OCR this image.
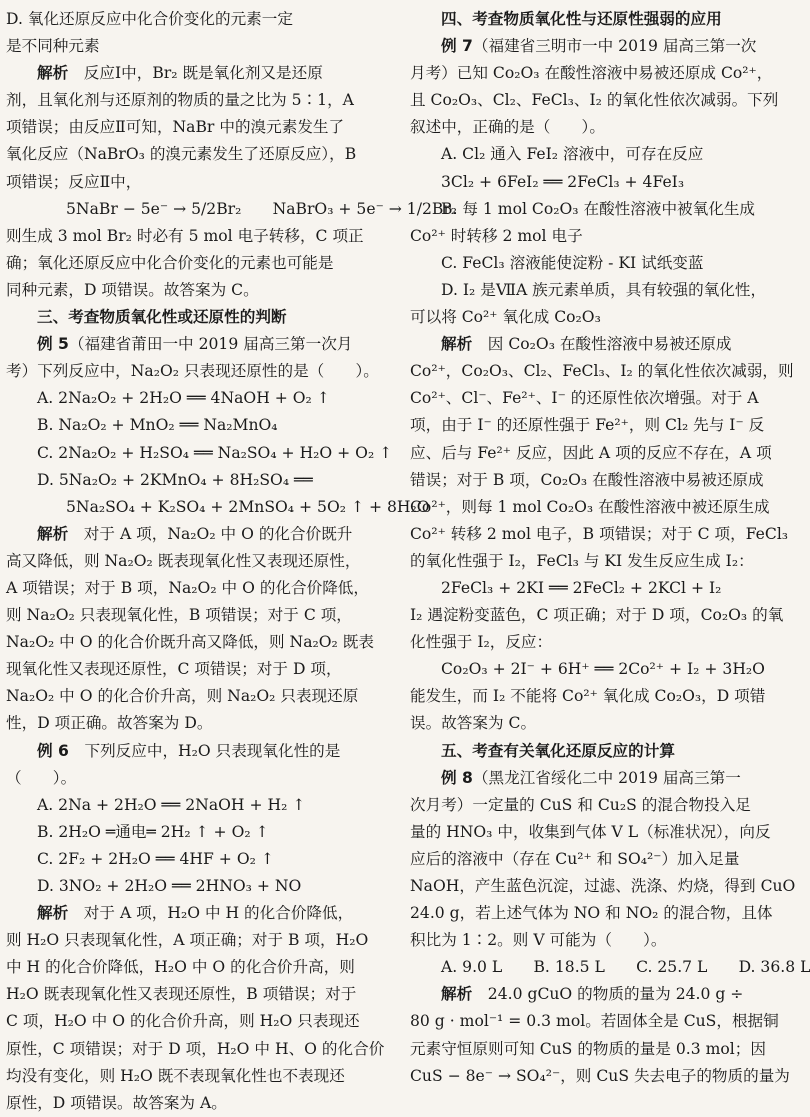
D. 氧化还原反应中化合价变化的元素一定
是不同种元素
解析　反应Ⅰ中，Br₂ 既是氧化剂又是还原
剂，且氧化剂与还原剂的物质的量之比为 5∶1，A
项错误；由反应Ⅱ可知，NaBr 中的溴元素发生了
氧化反应（NaBrO₃ 的溴元素发生了还原反应），B
项错误；反应Ⅱ中，
5NaBr − 5e⁻ → 5/2Br₂　　NaBrO₃ + 5e⁻ → 1/2Br₂
则生成 3 mol Br₂ 时必有 5 mol 电子转移，C 项正
确；氧化还原反应中化合价变化的元素也可能是
同种元素，D 项错误。故答案为 C。
三、考查物质氧化性或还原性的判断
例 5（福建省莆田一中 2019 届高三第一次月
考）下列反应中，Na₂O₂ 只表现还原性的是（　　）。
A. 2Na₂O₂ + 2H₂O ══ 4NaOH + O₂ ↑
B. Na₂O₂ + MnO₂ ══ Na₂MnO₄
C. 2Na₂O₂ + H₂SO₄ ══ Na₂SO₄ + H₂O + O₂ ↑
D. 5Na₂O₂ + 2KMnO₄ + 8H₂SO₄ ══
5Na₂SO₄ + K₂SO₄ + 2MnSO₄ + 5O₂ ↑ + 8H₂O
解析　对于 A 项，Na₂O₂ 中 O 的化合价既升
高又降低，则 Na₂O₂ 既表现氧化性又表现还原性，
A 项错误；对于 B 项，Na₂O₂ 中 O 的化合价降低，
则 Na₂O₂ 只表现氧化性，B 项错误；对于 C 项，
Na₂O₂ 中 O 的化合价既升高又降低，则 Na₂O₂ 既表
现氧化性又表现还原性，C 项错误；对于 D 项，
Na₂O₂ 中 O 的化合价升高，则 Na₂O₂ 只表现还原
性，D 项正确。故答案为 D。
例 6　下列反应中，H₂O 只表现氧化性的是
（　　）。
A. 2Na + 2H₂O ══ 2NaOH + H₂ ↑
B. 2H₂O ═通电═ 2H₂ ↑ + O₂ ↑
C. 2F₂ + 2H₂O ══ 4HF + O₂ ↑
D. 3NO₂ + 2H₂O ══ 2HNO₃ + NO
解析　对于 A 项，H₂O 中 H 的化合价降低，
则 H₂O 只表现氧化性，A 项正确；对于 B 项，H₂O
中 H 的化合价降低，H₂O 中 O 的化合价升高，则
H₂O 既表现氧化性又表现还原性，B 项错误；对于
C 项，H₂O 中 O 的化合价升高，则 H₂O 只表现还
原性，C 项错误；对于 D 项，H₂O 中 H、O 的化合价
均没有变化，则 H₂O 既不表现氧化性也不表现还
原性，D 项错误。故答案为 A。
四、考查物质氧化性与还原性强弱的应用
例 7（福建省三明市一中 2019 届高三第一次
月考）已知 Co₂O₃ 在酸性溶液中易被还原成 Co²⁺，
且 Co₂O₃、Cl₂、FeCl₃、I₂ 的氧化性依次减弱。下列
叙述中，正确的是（　　）。
A. Cl₂ 通入 FeI₂ 溶液中，可存在反应
3Cl₂ + 6FeI₂ ══ 2FeCl₃ + 4FeI₃
B. 每 1 mol Co₂O₃ 在酸性溶液中被氧化生成
Co²⁺ 时转移 2 mol 电子
C. FeCl₃ 溶液能使淀粉 - KI 试纸变蓝
D. I₂ 是ⅦA 族元素单质，具有较强的氧化性，
可以将 Co²⁺ 氧化成 Co₂O₃
解析　因 Co₂O₃ 在酸性溶液中易被还原成
Co²⁺，Co₂O₃、Cl₂、FeCl₃、I₂ 的氧化性依次减弱，则
Co²⁺、Cl⁻、Fe²⁺、I⁻ 的还原性依次增强。对于 A
项，由于 I⁻ 的还原性强于 Fe²⁺，则 Cl₂ 先与 I⁻ 反
应、后与 Fe²⁺ 反应，因此 A 项的反应不存在，A 项
错误；对于 B 项，Co₂O₃ 在酸性溶液中易被还原成
Co²⁺，则每 1 mol Co₂O₃ 在酸性溶液中被还原生成
Co²⁺ 转移 2 mol 电子，B 项错误；对于 C 项，FeCl₃
的氧化性强于 I₂，FeCl₃ 与 KI 发生反应生成 I₂：
2FeCl₃ + 2KI ══ 2FeCl₂ + 2KCl + I₂
I₂ 遇淀粉变蓝色，C 项正确；对于 D 项，Co₂O₃ 的氧
化性强于 I₂，反应：
Co₂O₃ + 2I⁻ + 6H⁺ ══ 2Co²⁺ + I₂ + 3H₂O
能发生，而 I₂ 不能将 Co²⁺ 氧化成 Co₂O₃，D 项错
误。故答案为 C。
五、考查有关氧化还原反应的计算
例 8（黑龙江省绥化二中 2019 届高三第一
次月考）一定量的 CuS 和 Cu₂S 的混合物投入足
量的 HNO₃ 中，收集到气体 V L（标准状况），向反
应后的溶液中（存在 Cu²⁺ 和 SO₄²⁻）加入足量
NaOH，产生蓝色沉淀，过滤、洗涤、灼烧，得到 CuO
24.0 g，若上述气体为 NO 和 NO₂ 的混合物，且体
积比为 1∶2。则 V 可能为（　　）。
A. 9.0 L　　B. 18.5 L　　C. 25.7 L　　D. 36.8 L
解析　24.0 gCuO 的物质的量为 24.0 g ÷
80 g · mol⁻¹ = 0.3 mol。若固体全是 CuS，根据铜
元素守恒原则可知 CuS 的物质的量是 0.3 mol；因
CuS − 8e⁻ → SO₄²⁻，则 CuS 失去电子的物质的量为
